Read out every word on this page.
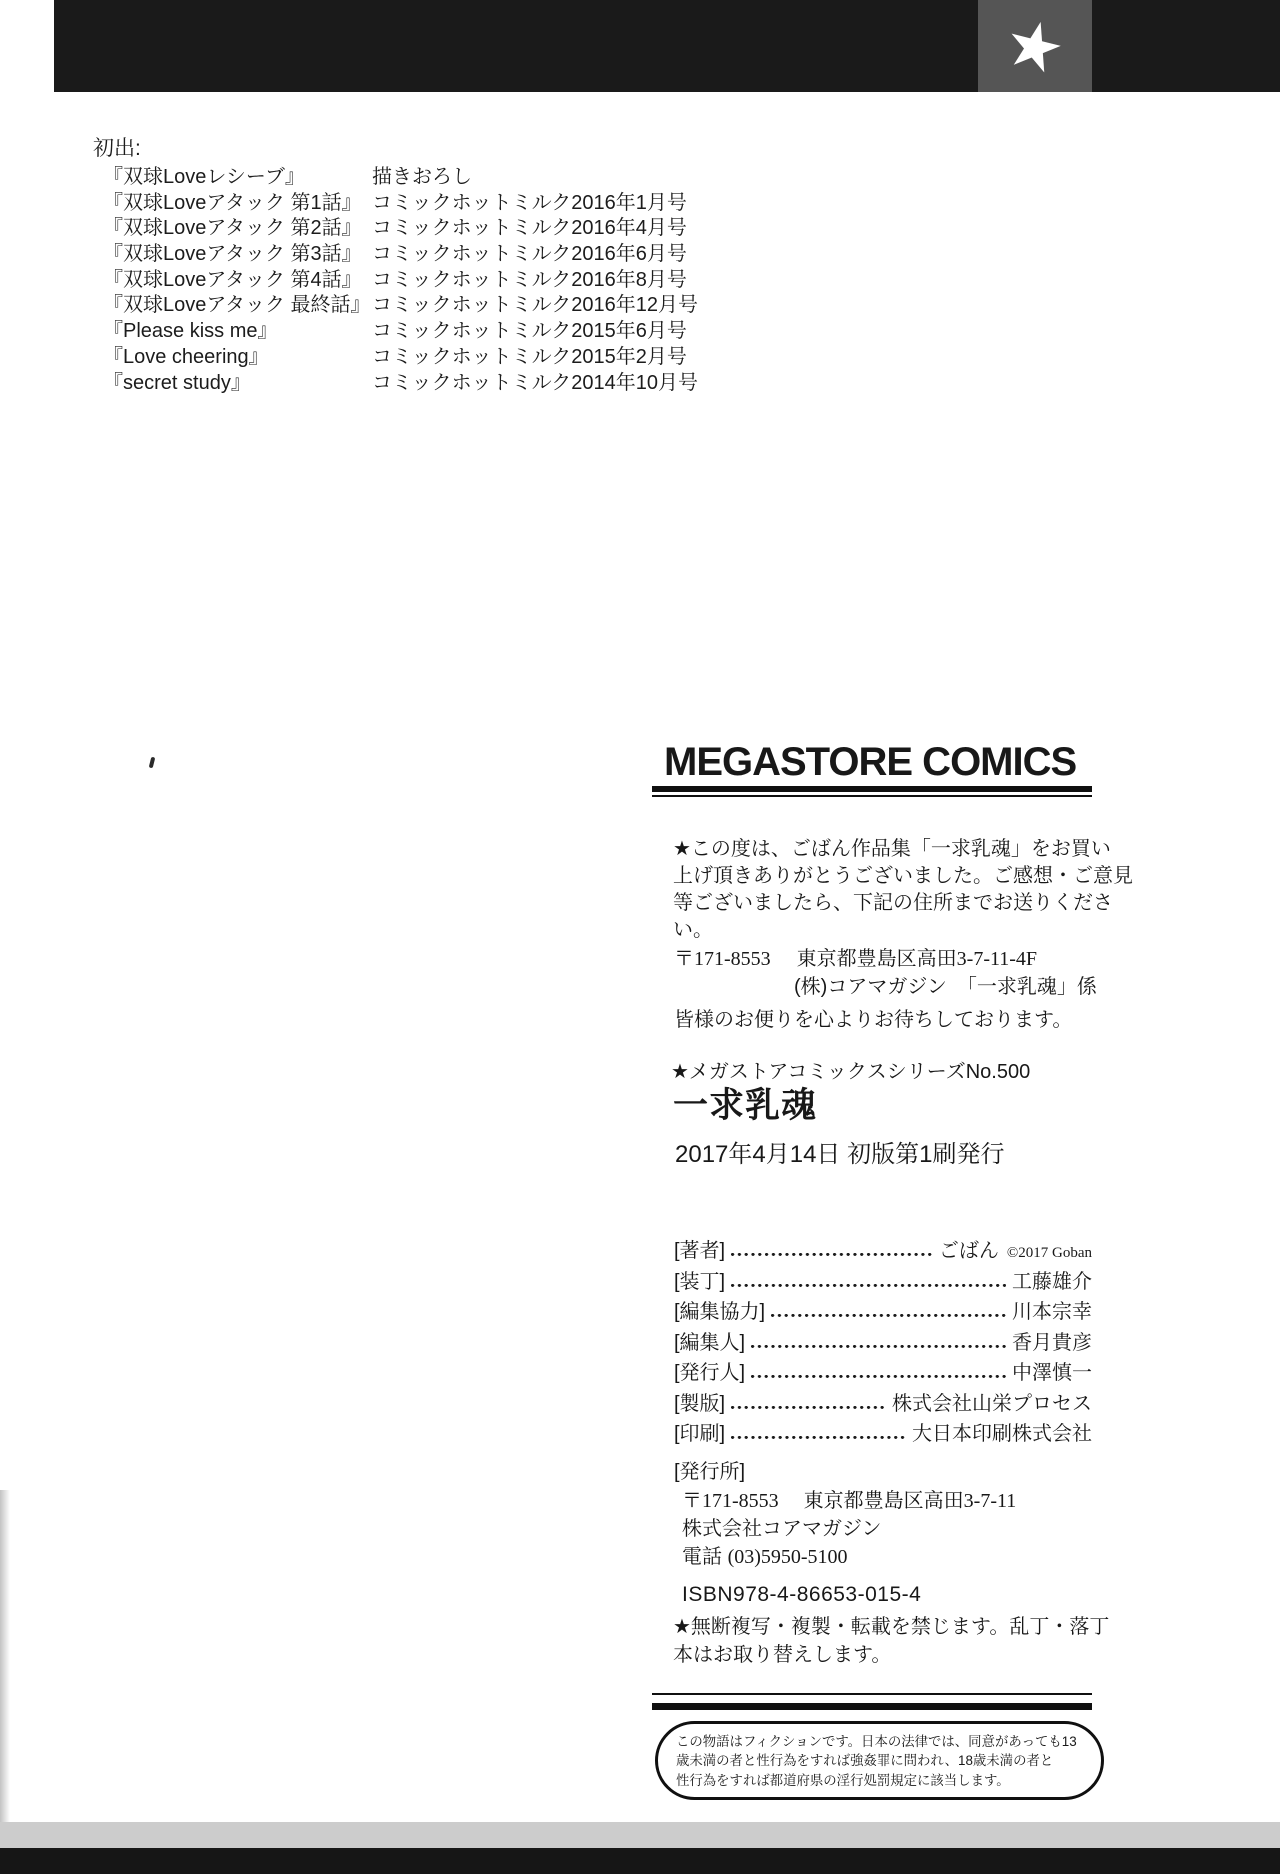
★
初出:
『双球Loveレシーブ』	描きおろし
『双球Loveアタック 第1話』 コミックホットミルク2016年1月号
『双球Loveアタック 第2話』 コミックホットミルク2016年4月号
『双球Loveアタック 第3話』 コミックホットミルク2016年6月号
『双球Loveアタック 第4話』 コミックホットミルク2016年8月号
『双球Loveアタック 最終話』 コミックホットミルク2016年12月号
『Please kiss me』	コミックホットミルク2015年6月号
『Love cheering』	コミックホットミルク2015年2月号
『secret study』	コミックホットミルク2014年10月号
MEGASTORE COMICS
★この度は、ごばん作品集「一求乳魂」をお買い
上げ頂きありがとうございました。ご感想・ご意見
等ございましたら、下記の住所までお送りくださ
い。
〒171-8553 東京都豊島区高田3-7-11-4F
(株)コアマガジン　「一求乳魂」係
皆様のお便りを心よりお待ちしております。
★メガストアコミックスシリーズNo.500
一求乳魂
2017年4月14日 初版第1刷発行
[著者]	ごばん ©2017 Goban
[装丁]	工藤雄介
[編集協力]	川本宗幸
[編集人]	香月貴彦
[発行人]	中澤慎一
[製版]	株式会社山栄プロセス
[印刷]	大日本印刷株式会社
[発行所]
〒171-8553 東京都豊島区高田3-7-11
株式会社コアマガジン
電話 (03)5950-5100
ISBN978-4-86653-015-4
★無断複写・複製・転載を禁じます。乱丁・落丁
本はお取り替えします。
この物語はフィクションです。日本の法律では、同意があっても13
歳未満の者と性行為をすれば強姦罪に問われ、18歳未満の者と
性行為をすれば都道府県の淫行処罰規定に該当します。
